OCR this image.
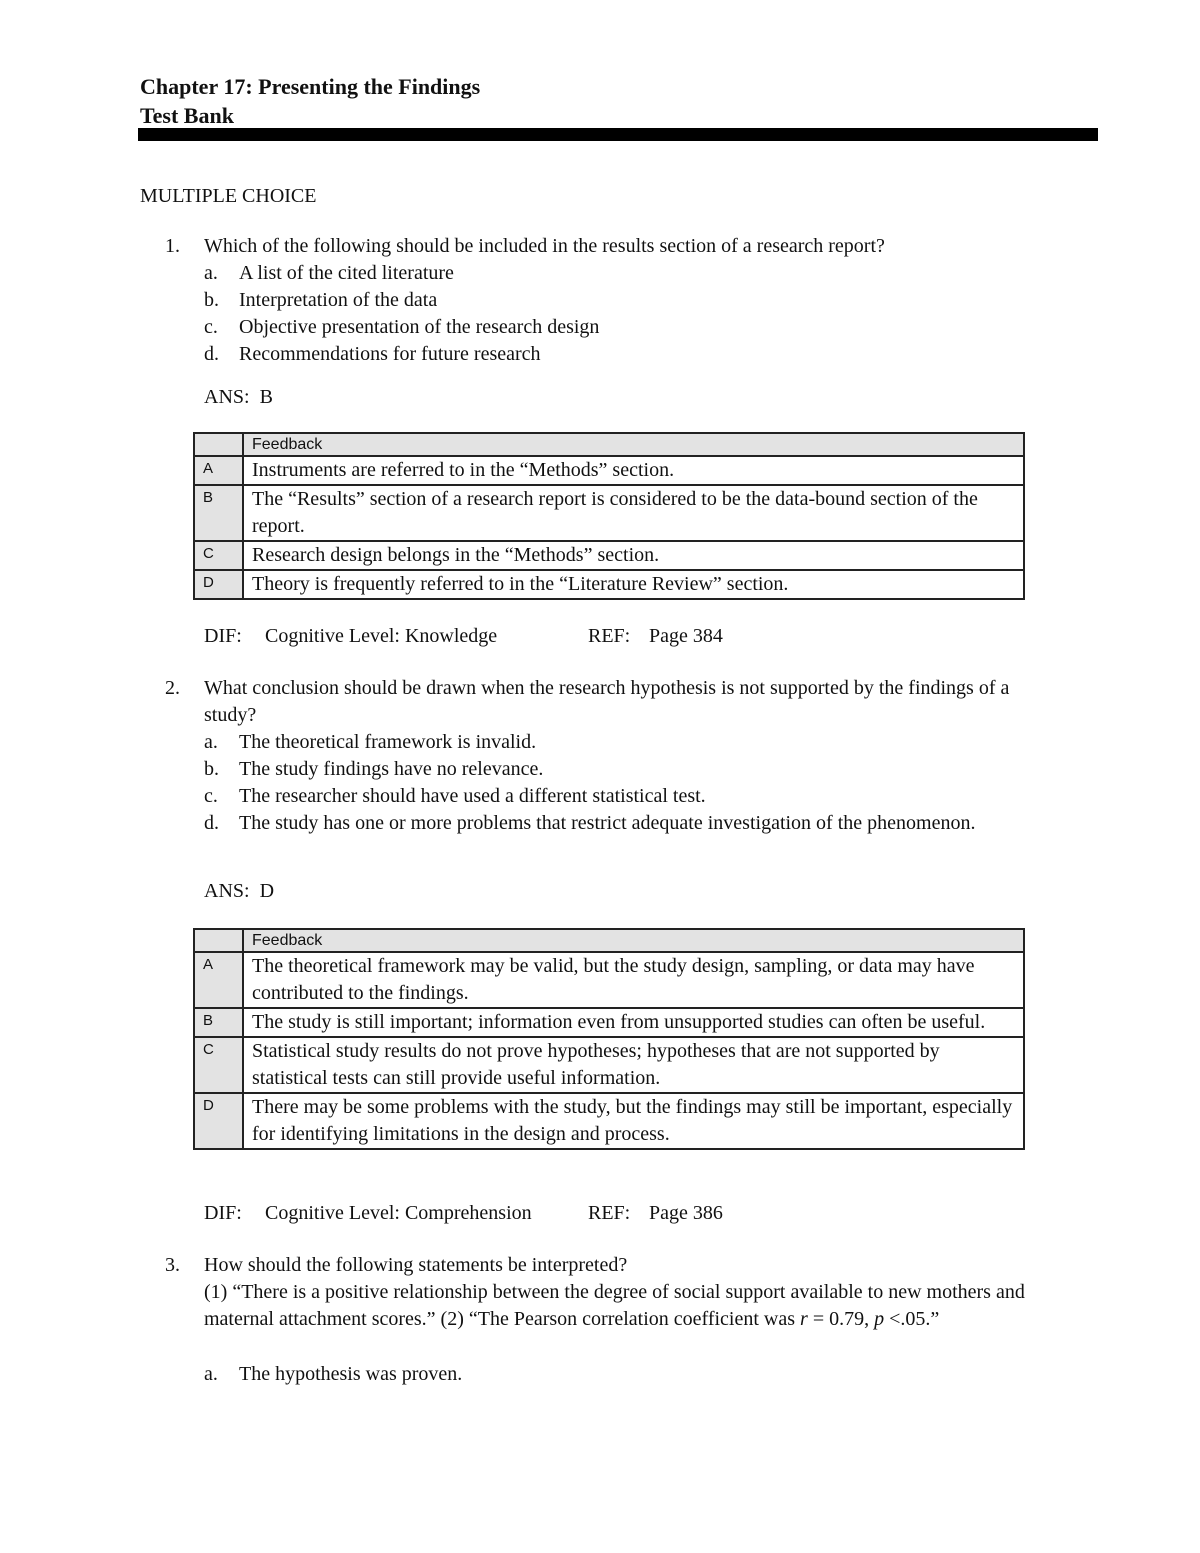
Chapter 17: Presenting the Findings
Test Bank
MULTIPLE CHOICE
1. Which of the following should be included in the results section of a research report?
a.	A list of the cited literature
b. Interpretation of the data
c.	Objective presentation of the research design
d. Recommendations for future research
ANS:  B
	Feedback
A	Instruments are referred to in the “Methods” section.
B	The “Results” section of a research report is considered to be the data-bound section of the report.
C	Research design belongs in the “Methods” section.
D	Theory is frequently referred to in the “Literature Review” section.
DIF: Cognitive Level: Knowledge	REF: Page 384
2. What conclusion should be drawn when the research hypothesis is not supported by the findings of a study?
a.	The theoretical framework is invalid.
b. The study findings have no relevance.
c.	The researcher should have used a different statistical test.
d. The study has one or more problems that restrict adequate investigation of the phenomenon.
ANS:  D
	Feedback
A	The theoretical framework may be valid, but the study design, sampling, or data may have contributed to the findings.
B	The study is still important; information even from unsupported studies can often be useful.
C	Statistical study results do not prove hypotheses; hypotheses that are not supported by statistical tests can still provide useful information.
D	There may be some problems with the study, but the findings may still be important, especially for identifying limitations in the design and process.
DIF: Cognitive Level: Comprehension	REF: Page 386
3. How should the following statements be interpreted?
(1) “There is a positive relationship between the degree of social support available to new mothers and maternal attachment scores.” (2) “The Pearson correlation coefficient was r = 0.79, p <.05.”
a.	The hypothesis was proven.
